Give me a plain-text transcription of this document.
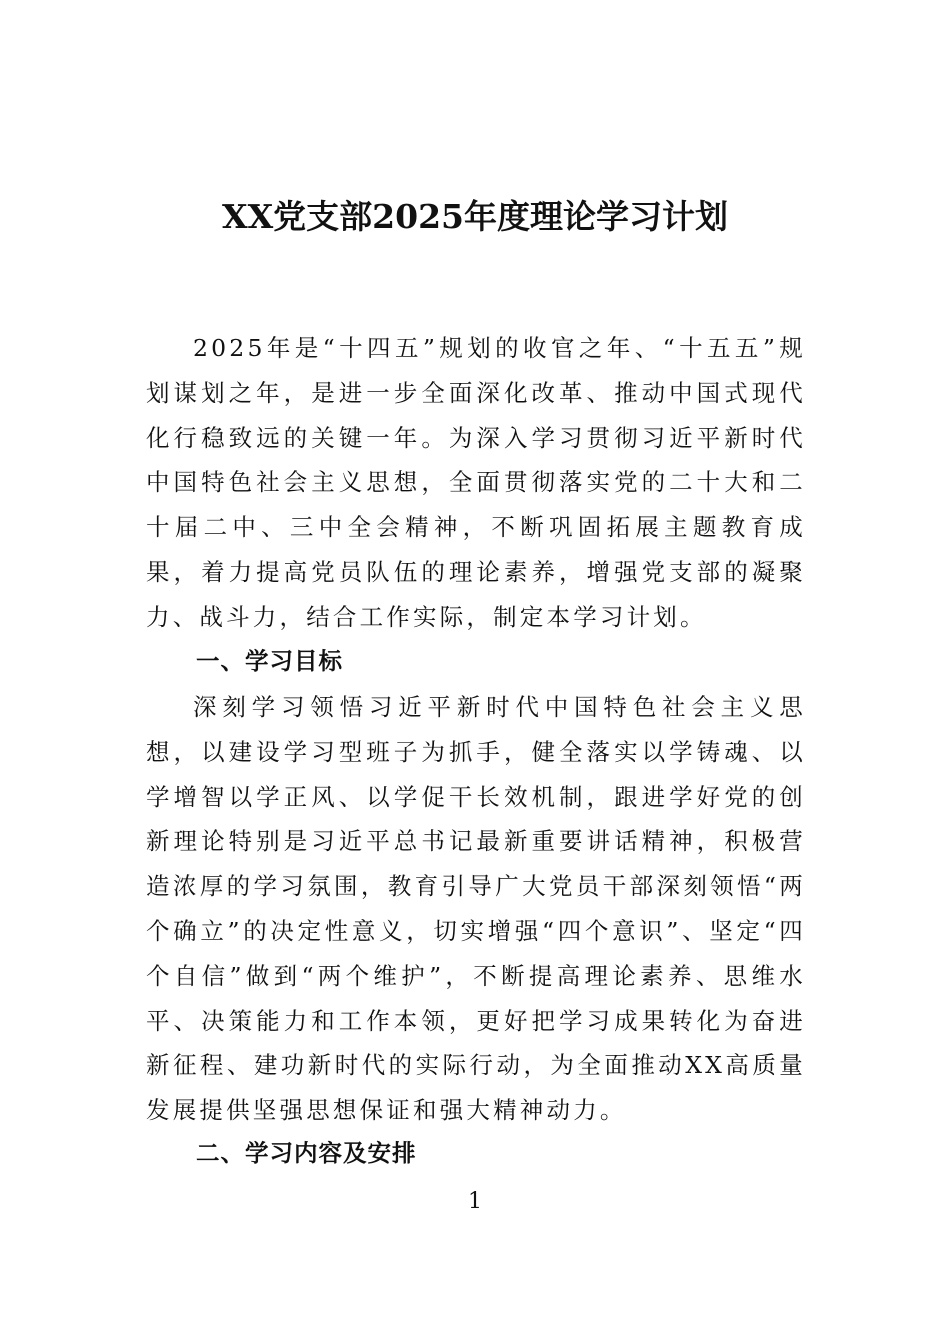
XX党支部2025年度理论学习计划

2025年是“十四五”规划的收官之年、“十五五”规划谋划之年，是进一步全面深化改革、推动中国式现代化行稳致远的关键一年。为深入学习贯彻习近平新时代中国特色社会主义思想，全面贯彻落实党的二十大和二十届二中、三中全会精神，不断巩固拓展主题教育成果，着力提高党员队伍的理论素养，增强党支部的凝聚力、战斗力，结合工作实际，制定本学习计划。

一、学习目标

深刻学习领悟习近平新时代中国特色社会主义思想，以建设学习型班子为抓手，健全落实以学铸魂、以学增智以学正风、以学促干长效机制，跟进学好党的创新理论特别是习近平总书记最新重要讲话精神，积极营造浓厚的学习氛围，教育引导广大党员干部深刻领悟“两个确立”的决定性意义，切实增强“四个意识”、坚定“四个自信”做到“两个维护”，不断提高理论素养、思维水平、决策能力和工作本领，更好把学习成果转化为奋进新征程、建功新时代的实际行动，为全面推动XX高质量发展提供坚强思想保证和强大精神动力。

二、学习内容及安排
1
